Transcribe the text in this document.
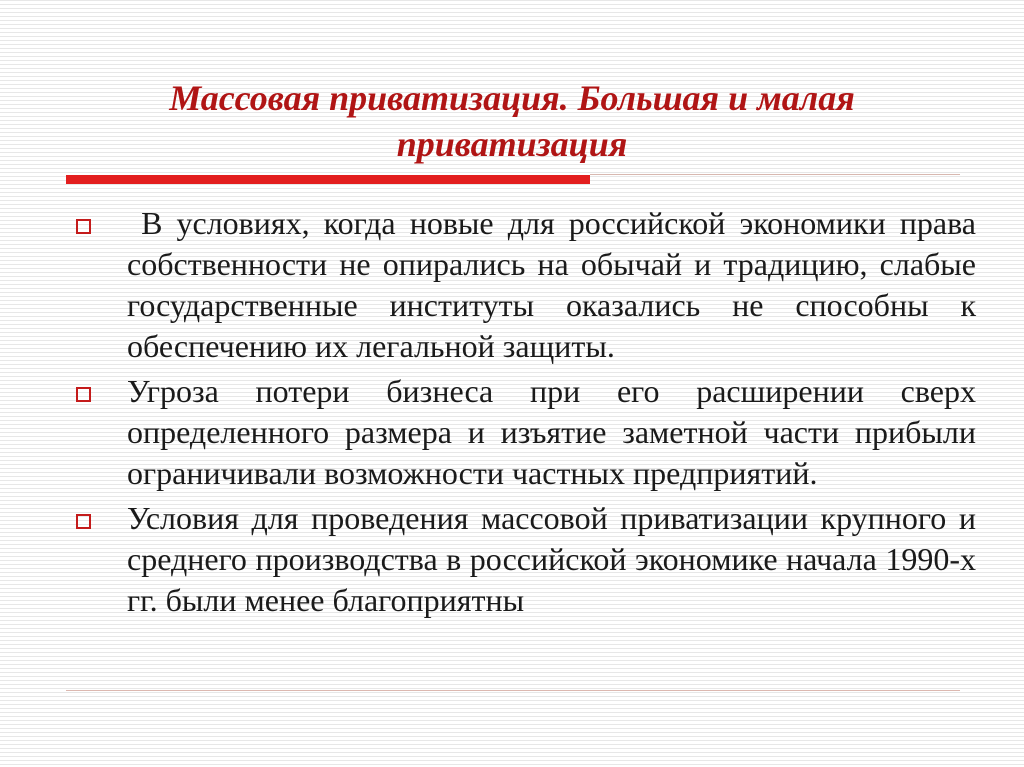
Массовая приватизация. Большая и малая
приватизация
В условиях, когда новые для российской экономики права собственности не опирались на обычай и традицию, слабые государственные институты оказались не способны к обеспечению их легальной защиты.
Угроза потери бизнеса при его расширении сверх определенного размера и изъятие заметной части прибыли ограничивали возможности частных предприятий.
Условия для проведения массовой приватизации крупного и среднего производства в российской экономике начала 1990-х гг. были менее благоприятны
